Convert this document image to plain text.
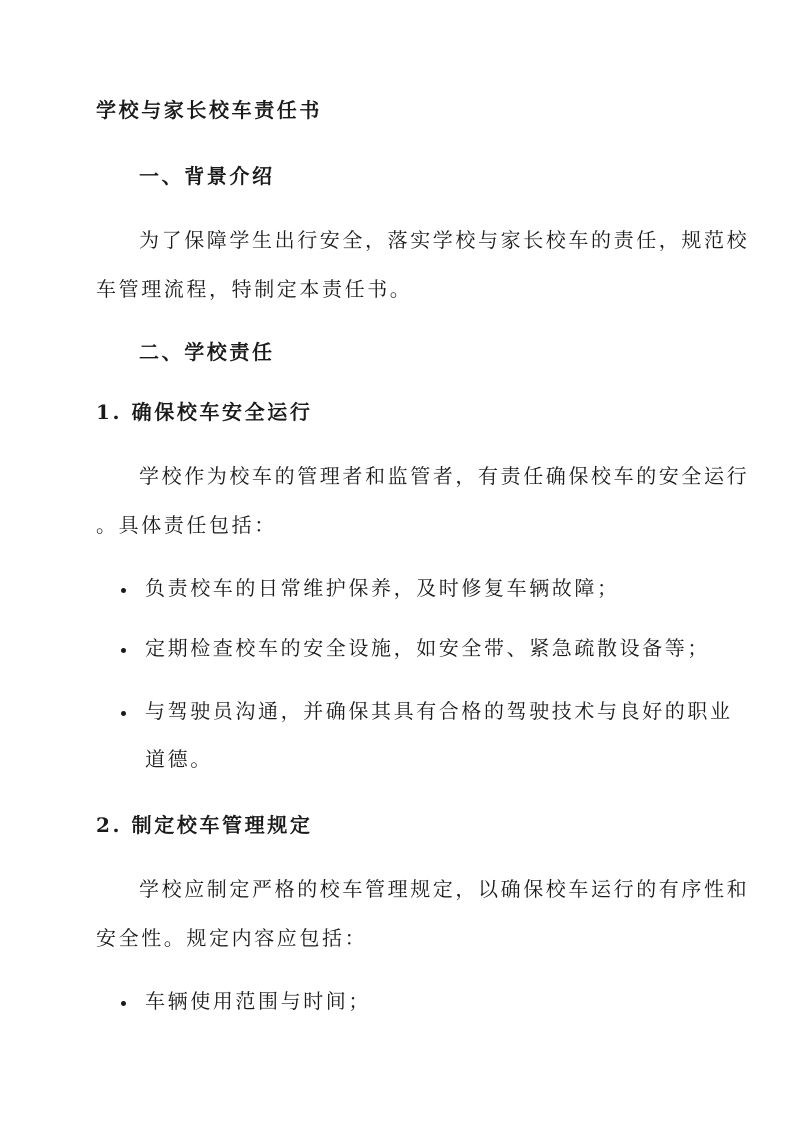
学校与家长校车责任书
一、背景介绍
为了保障学生出行安全，落实学校与家长校车的责任，规范校
车管理流程，特制定本责任书。
二、学校责任
1. 确保校车安全运行
学校作为校车的管理者和监管者，有责任确保校车的安全运行
。具体责任包括：
负责校车的日常维护保养，及时修复车辆故障；
定期检查校车的安全设施，如安全带、紧急疏散设备等；
与驾驶员沟通，并确保其具有合格的驾驶技术与良好的职业
道德。
2. 制定校车管理规定
学校应制定严格的校车管理规定，以确保校车运行的有序性和
安全性。规定内容应包括：
车辆使用范围与时间；
